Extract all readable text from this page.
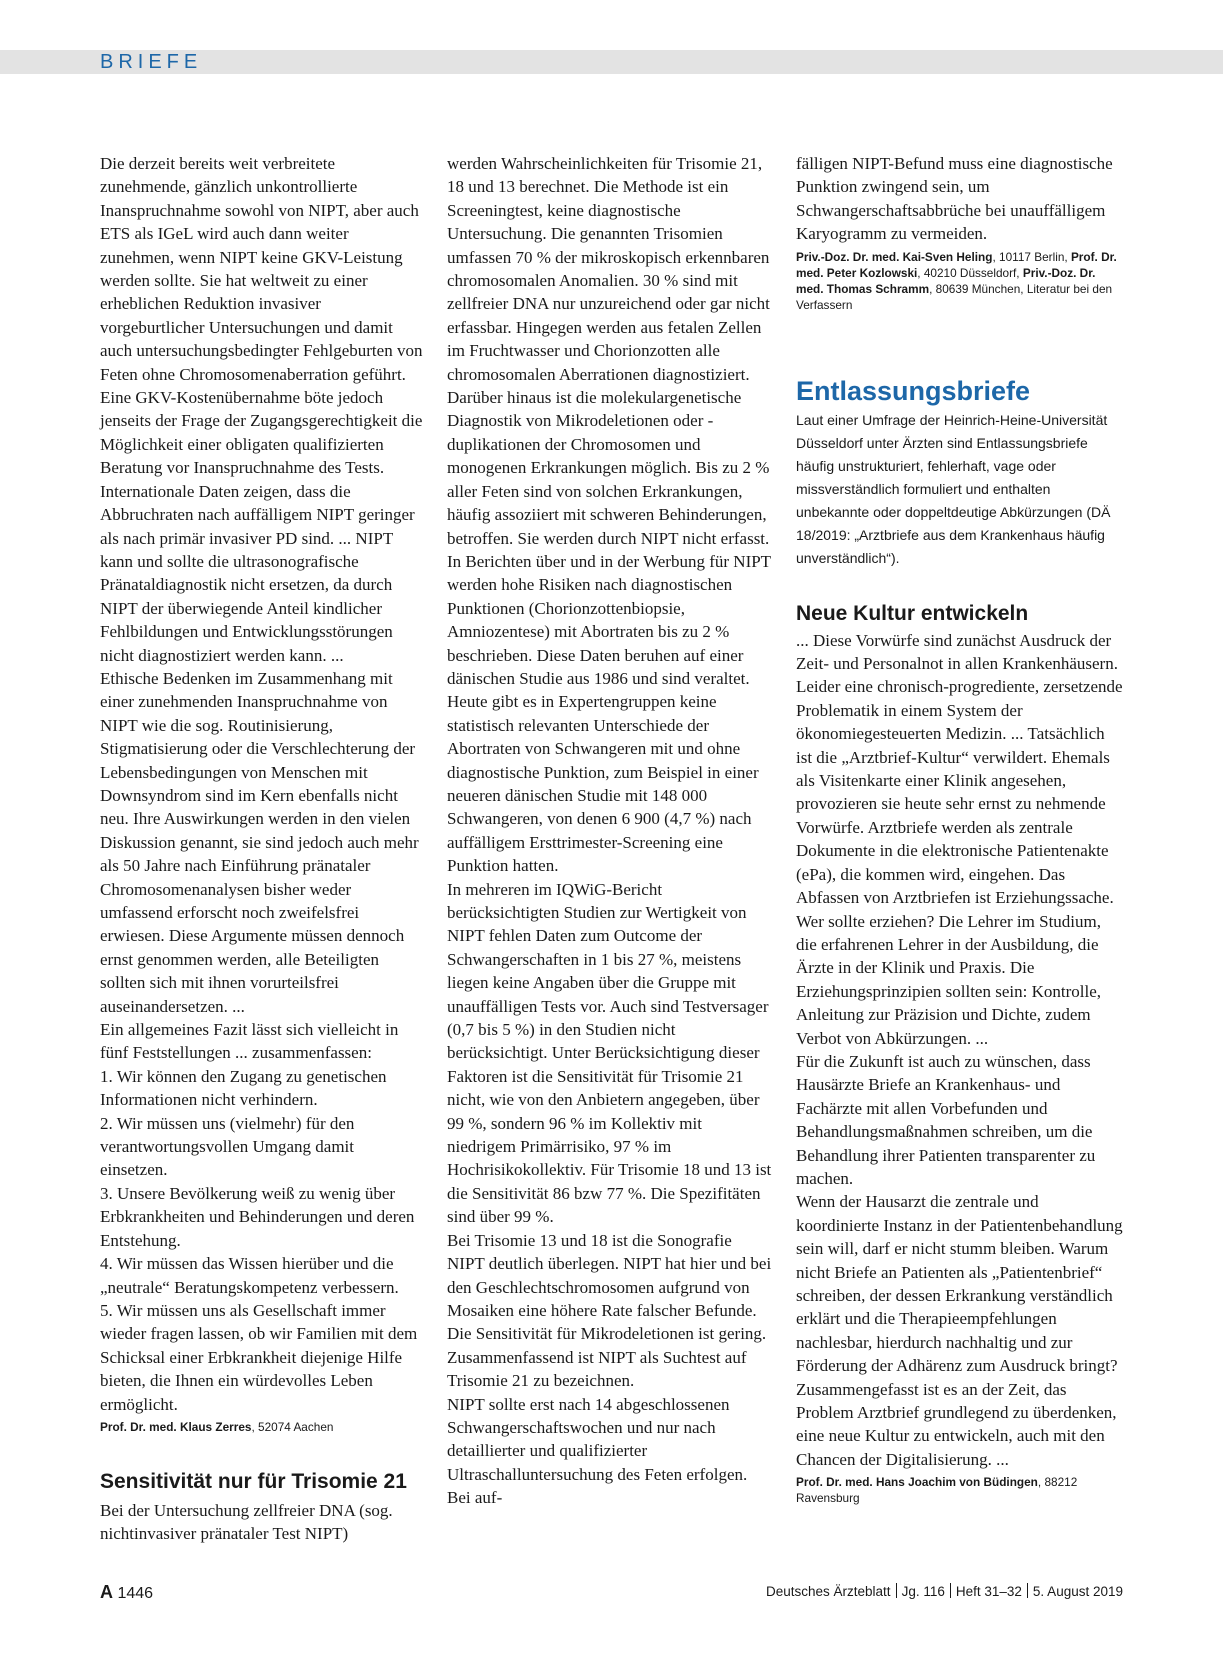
BRIEFE

Die derzeit bereits weit verbreitete zunehmende, gänzlich unkontrollierte Inanspruchnahme sowohl von NIPT, aber auch ETS als IGeL wird auch dann weiter zunehmen, wenn NIPT keine GKV-Leistung werden sollte. Sie hat weltweit zu einer erheblichen Reduktion invasiver vorgeburtlicher Untersuchungen und damit auch untersuchungsbedingter Fehlgeburten von Feten ohne Chromosomenaberration geführt. Eine GKV-Kostenübernahme böte jedoch jenseits der Frage der Zugangsgerechtigkeit die Möglichkeit einer obligaten qualifizierten Beratung vor Inanspruchnahme des Tests. Internationale Daten zeigen, dass die Abbruchraten nach auffälligem NIPT geringer als nach primär invasiver PD sind. ... NIPT kann und sollte die ultrasonografische Pränataldiagnostik nicht ersetzen, da durch NIPT der überwiegende Anteil kindlicher Fehlbildungen und Entwicklungsstörungen nicht diagnostiziert werden kann. ...

Ethische Bedenken im Zusammenhang mit einer zunehmenden Inanspruchnahme von NIPT wie die sog. Routinisierung, Stigmatisierung oder die Verschlechterung der Lebensbedingungen von Menschen mit Downsyndrom sind im Kern ebenfalls nicht neu. Ihre Auswirkungen werden in den vielen Diskussion genannt, sie sind jedoch auch mehr als 50 Jahre nach Einführung pränataler Chromosomenanalysen bisher weder umfassend erforscht noch zweifelsfrei erwiesen. Diese Argumente müssen dennoch ernst genommen werden, alle Beteiligten sollten sich mit ihnen vorurteilsfrei auseinandersetzen. ...

Ein allgemeines Fazit lässt sich vielleicht in fünf Feststellungen ... zusammenfassen:

1. Wir können den Zugang zu genetischen Informationen nicht verhindern.

2. Wir müssen uns (vielmehr) für den verantwortungsvollen Umgang damit einsetzen.

3. Unsere Bevölkerung weiß zu wenig über Erbkrankheiten und Behinderungen und deren Entstehung.

4. Wir müssen das Wissen hierüber und die „neutrale“ Beratungskompetenz verbessern.

5. Wir müssen uns als Gesellschaft immer wieder fragen lassen, ob wir Familien mit dem Schicksal einer Erbkrankheit diejenige Hilfe bieten, die Ihnen ein würdevolles Leben ermöglicht.

Prof. Dr. med. Klaus Zerres, 52074 Aachen
Sensitivität nur für Trisomie 21
Bei der Untersuchung zellfreier DNA (sog. nichtinvasiver pränataler Test NIPT)

werden Wahrscheinlichkeiten für Trisomie 21, 18 und 13 berechnet. Die Methode ist ein Screeningtest, keine diagnostische Untersuchung. Die genannten Trisomien umfassen 70 % der mikroskopisch erkennbaren chromosomalen Anomalien. 30 % sind mit zellfreier DNA nur unzureichend oder gar nicht erfassbar. Hingegen werden aus fetalen Zellen im Fruchtwasser und Chorionzotten alle chromosomalen Aberrationen diagnostiziert. Darüber hinaus ist die molekulargenetische Diagnostik von Mikrodeletionen oder -duplikationen der Chromosomen und monogenen Erkrankungen möglich. Bis zu 2 % aller Feten sind von solchen Erkrankungen, häufig assoziiert mit schweren Behinderungen, betroffen. Sie werden durch NIPT nicht erfasst.

In Berichten über und in der Werbung für NIPT werden hohe Risiken nach diagnostischen Punktionen (Chorionzottenbiopsie, Amniozentese) mit Abortraten bis zu 2 % beschrieben. Diese Daten beruhen auf einer dänischen Studie aus 1986 und sind veraltet. Heute gibt es in Expertengruppen keine statistisch relevanten Unterschiede der Abortraten von Schwangeren mit und ohne diagnostische Punktion, zum Beispiel in einer neueren dänischen Studie mit 148 000 Schwangeren, von denen 6 900 (4,7 %) nach auffälligem Ersttrimester-Screening eine Punktion hatten.

In mehreren im IQWiG-Bericht berücksichtigten Studien zur Wertigkeit von NIPT fehlen Daten zum Outcome der Schwangerschaften in 1 bis 27 %, meistens liegen keine Angaben über die Gruppe mit unauffälligen Tests vor. Auch sind Testversager (0,7 bis 5 %) in den Studien nicht berücksichtigt. Unter Berücksichtigung dieser Faktoren ist die Sensitivität für Trisomie 21 nicht, wie von den Anbietern angegeben, über 99 %, sondern 96 % im Kollektiv mit niedrigem Primärrisiko, 97 % im Hochrisikokollektiv. Für Trisomie 18 und 13 ist die Sensitivität 86 bzw 77 %. Die Spezifitäten sind über 99 %.

Bei Trisomie 13 und 18 ist die Sonografie NIPT deutlich überlegen. NIPT hat hier und bei den Geschlechtschromosomen aufgrund von Mosaiken eine höhere Rate falscher Befunde. Die Sensitivität für Mikrodeletionen ist gering.

Zusammenfassend ist NIPT als Suchtest auf Trisomie 21 zu bezeichnen.

NIPT sollte erst nach 14 abgeschlossenen Schwangerschaftswochen und nur nach detaillierter und qualifizierter Ultraschalluntersuchung des Feten erfolgen. Bei auf-

fälligen NIPT-Befund muss eine diagnostische Punktion zwingend sein, um Schwangerschaftsabbrüche bei unauffälligem Karyogramm zu vermeiden.
Priv.-Doz. Dr. med. Kai-Sven Heling, 10117 Berlin, Prof. Dr. med. Peter Kozlowski, 40210 Düsseldorf, Priv.-Doz. Dr. med. Thomas Schramm, 80639 München, Literatur bei den Verfassern
Entlassungsbriefe
Laut einer Umfrage der Heinrich-Heine-Universität Düsseldorf unter Ärzten sind Entlassungsbriefe häufig unstrukturiert, fehlerhaft, vage oder missverständlich formuliert und enthalten unbekannte oder doppeltdeutige Abkürzungen (DÄ 18/2019: „Arztbriefe aus dem Krankenhaus häufig unverständlich“).
Neue Kultur entwickeln

... Diese Vorwürfe sind zunächst Ausdruck der Zeit- und Personalnot in allen Krankenhäusern. Leider eine chronisch-progrediente, zersetzende Problematik in einem System der ökonomiegesteuerten Medizin. ... Tatsächlich ist die „Arztbrief-Kultur“ verwildert. Ehemals als Visitenkarte einer Klinik angesehen, provozieren sie heute sehr ernst zu nehmende Vorwürfe. Arztbriefe werden als zentrale Dokumente in die elektronische Patientenakte (ePa), die kommen wird, eingehen. Das Abfassen von Arztbriefen ist Erziehungssache. Wer sollte erziehen? Die Lehrer im Studium, die erfahrenen Lehrer in der Ausbildung, die Ärzte in der Klinik und Praxis. Die Erziehungsprinzipien sollten sein: Kontrolle, Anleitung zur Präzision und Dichte, zudem Verbot von Abkürzungen. ...

Für die Zukunft ist auch zu wünschen, dass Hausärzte Briefe an Krankenhaus- und Fachärzte mit allen Vorbefunden und Behandlungsmaßnahmen schreiben, um die Behandlung ihrer Patienten transparenter zu machen.

Wenn der Hausarzt die zentrale und koordinierte Instanz in der Patientenbehandlung sein will, darf er nicht stumm bleiben. Warum nicht Briefe an Patienten als „Patientenbrief“ schreiben, der dessen Erkrankung verständlich erklärt und die Therapieempfehlungen nachlesbar, hierdurch nachhaltig und zur Förderung der Adhärenz zum Ausdruck bringt?

Zusammengefasst ist es an der Zeit, das Problem Arztbrief grundlegend zu überdenken, eine neue Kultur zu entwickeln, auch mit den Chancen der Digitalisierung. ...

Prof. Dr. med. Hans Joachim von Büdingen, 88212 Ravensburg
A 1446	Deutsches Ärzteblatt Jg. 116 Heft 31–32 5. August 2019
